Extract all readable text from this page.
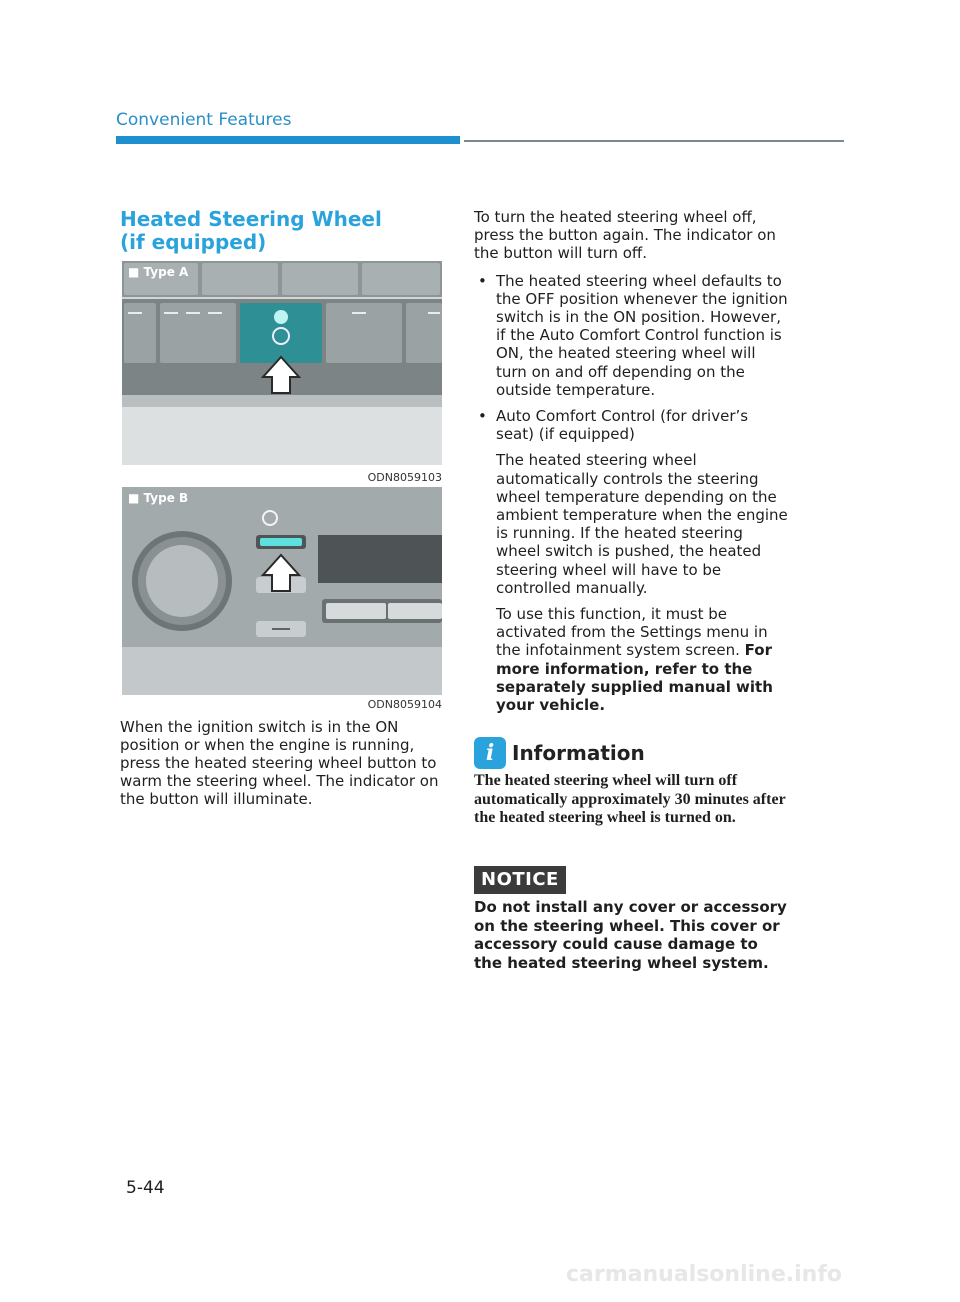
Convenient Features
Heated Steering Wheel
(if equipped)
■ Type A
ODN8059103
■ Type B
ODN8059104
When the ignition switch is in the ON position or when the engine is running, press the heated steering wheel button to warm the steering wheel. The indicator on the button will illuminate.

To turn the heated steering wheel off, press the button again. The indicator on the button will turn off.

• The heated steering wheel defaults to the OFF position whenever the ignition switch is in the ON position. However, if the Auto Comfort Control function is ON, the heated steering wheel will turn on and off depending on the outside temperature.
• Auto Comfort Control (for driver’s seat) (if equipped)
The heated steering wheel automatically controls the steering wheel temperature depending on the ambient temperature when the engine is running. If the heated steering wheel switch is pushed, the heated steering wheel will have to be controlled manually.
To use this function, it must be activated from the Settings menu in the infotainment system screen. For more information, refer to the separately supplied manual with your vehicle.
i Information
The heated steering wheel will turn off automatically approximately 30 minutes after the heated steering wheel is turned on.
NOTICE
Do not install any cover or accessory on the steering wheel. This cover or accessory could cause damage to the heated steering wheel system.
5-44
carmanualsonline.info
